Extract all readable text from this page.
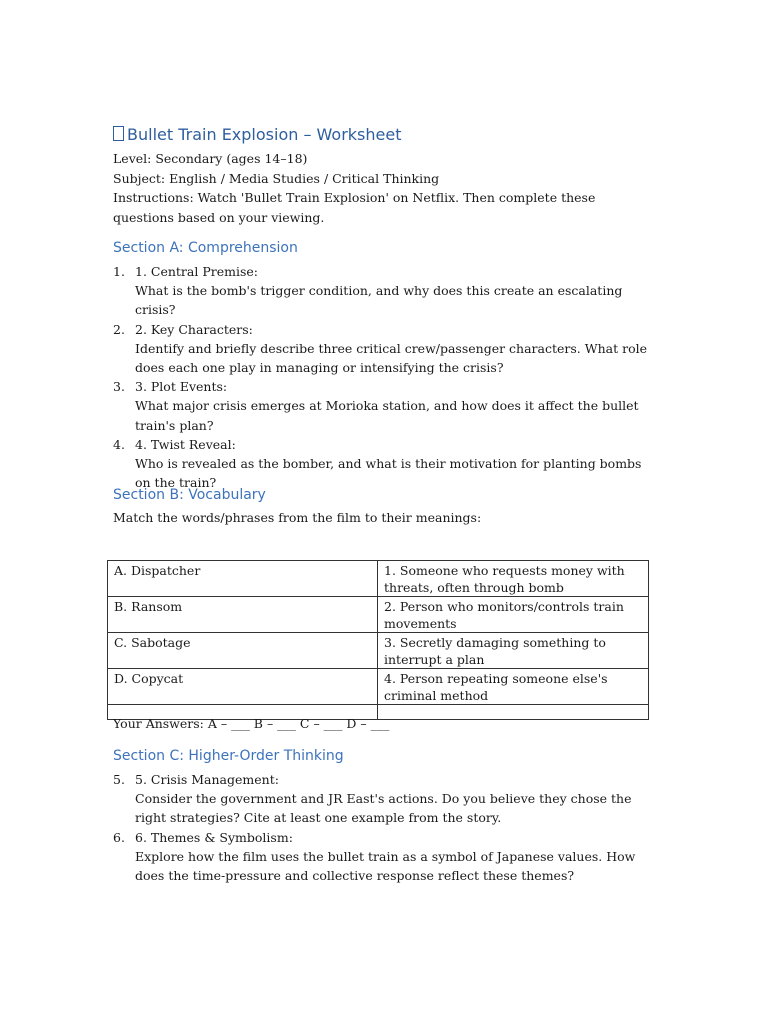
Bullet Train Explosion – Worksheet
Level: Secondary (ages 14–18)
Subject: English / Media Studies / Critical Thinking
Instructions: Watch 'Bullet Train Explosion' on Netflix. Then complete these questions based on your viewing.
Section A: Comprehension
1. 1. Central Premise:
What is the bomb's trigger condition, and why does this create an escalating crisis?
2. 2. Key Characters:
Identify and briefly describe three critical crew/passenger characters. What role does each one play in managing or intensifying the crisis?
3. 3. Plot Events:
What major crisis emerges at Morioka station, and how does it affect the bullet train's plan?
4. 4. Twist Reveal:
Who is revealed as the bomber, and what is their motivation for planting bombs on the train?
Section B: Vocabulary
Match the words/phrases from the film to their meanings:
A. Dispatcher	1. Someone who requests money with threats, often through bomb
B. Ransom	2. Person who monitors/controls train movements
C. Sabotage	3. Secretly damaging something to interrupt a plan
D. Copycat	4. Person repeating someone else's criminal method

Your Answers: A – ___ B – ___ C – ___ D – ___
Section C: Higher-Order Thinking
5. 5. Crisis Management:
Consider the government and JR East's actions. Do you believe they chose the right strategies? Cite at least one example from the story.
6. 6. Themes & Symbolism:
Explore how the film uses the bullet train as a symbol of Japanese values. How does the time-pressure and collective response reflect these themes?
